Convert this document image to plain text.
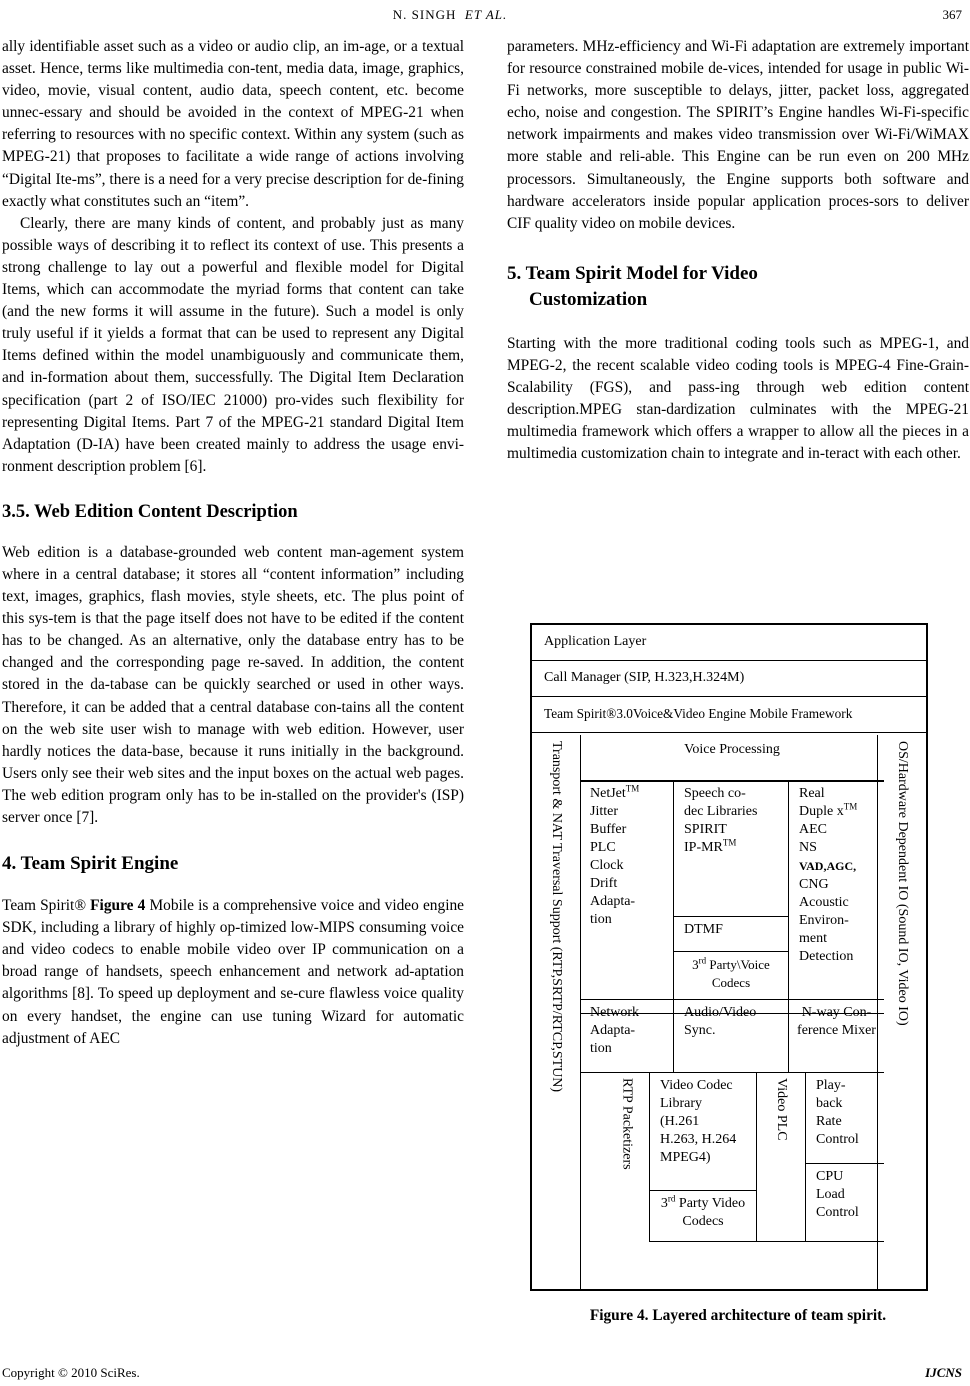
N. SINGH ET AL.	367

ally identifiable asset such as a video or audio clip, an im-age, or a textual asset. Hence, terms like multimedia con-tent, media data, image, graphics, video, movie, visual content, audio data, speech content, etc. become unnec-essary and should be avoided in the context of MPEG-21 when referring to resources with no specific context. Within any system (such as MPEG-21) that proposes to facilitate a wide range of actions involving “Digital Ite-ms”, there is a need for a very precise description for de-fining exactly what constitutes such an “item”.

Clearly, there are many kinds of content, and probably just as many possible ways of describing it to reflect its context of use. This presents a strong challenge to lay out a powerful and flexible model for Digital Items, which can accommodate the myriad forms that content can take (and the new forms it will assume in the future). Such a model is only truly useful if it yields a format that can be used to represent any Digital Items defined within the model unambiguously and communicate them, and in-formation about them, successfully. The Digital Item Declaration specification (part 2 of ISO/IEC 21000) pro-vides such flexibility for representing Digital Items. Part 7 of the MPEG-21 standard Digital Item Adaptation (D-IA) have been created mainly to address the usage envi-ronment description problem [6].

3.5. Web Edition Content Description

Web edition is a database-grounded web content man-agement system where in a central database; it stores all “content information” including text, images, graphics, flash movies, style sheets, etc. The plus point of this sys-tem is that the page itself does not have to be edited if the content has to be changed. As an alternative, only the database entry has to be changed and the corresponding page re-saved. In addition, the content stored in the da-tabase can be quickly searched or used in other ways. Therefore, it can be added that a central database con-tains all the content on the web site user wish to manage with web edition. However, user hardly notices the data-base, because it runs initially in the background. Users only see their web sites and the input boxes on the actual web pages. The web edition program only has to be in-stalled on the provider's (ISP) server once [7].

4. Team Spirit Engine

Team Spirit® Figure 4 Mobile is a comprehensive voice and video engine SDK, including a library of highly op-timized low-MIPS consuming voice and video codecs to enable mobile video over IP communication on a broad range of handsets, speech enhancement and network ad-aptation algorithms [8]. To speed up deployment and se-cure flawless voice quality on every handset, the engine can use tuning Wizard for automatic adjustment of AEC

parameters. MHz-efficiency and Wi-Fi adaptation are extremely important for resource constrained mobile de-vices, intended for usage in public Wi-Fi networks, more susceptible to delays, jitter, packet loss, aggregated echo, noise and congestion. The SPIRIT’s Engine handles Wi-Fi-specific network impairments and makes video transmission over Wi-Fi/WiMAX more stable and reli-able. This Engine can be run even on 200 MHz processors. Simultaneously, the Engine supports both software and hardware accelerators inside popular application proces-sors to deliver CIF quality video on mobile devices.

5. Team Spirit Model for Video
Customization

Starting with the more traditional coding tools such as MPEG-1, and MPEG-2, the recent scalable video coding tools is MPEG-4 Fine-Grain-Scalability (FGS), and pass-ing through web edition content description.MPEG stan-dardization culminates with the MPEG-21 multimedia framework which offers a wrapper to allow all the pieces in a multimedia customization chain to integrate and in-teract with each other.

Application Layer
Call Manager (SIP, H.323,H.324M)
Team Spirit®3.0Voice&Video Engine Mobile Framework
Transport & NAT Traversal Support (RTP,SRTP/RTCP,STUN)	OS/Hardware Dependent IO (Sound IO, Video IO)
Voice Processing
NetJet™
Jitter
Buffer
PLC
Clock
Drift
Adapta-
tion
Speech co-
dec Libraries
SPIRIT
IP-MR™
DTMF
3rd Party\Voice
Codecs
Real
Duple x™
AEC
NS
VAD,AGC,
CNG
Acoustic
Environ-
ment
Detection
Network
Adapta-
tion
Audio/Video
Sync.
N-way Con-
ference Mixer
RTP Packetizers	Video Codec
Library
(H.261
H.263, H.264
MPEG4)
3rd Party Video
Codecs
Video PLC	Play-
back
Rate
Control
CPU
Load
Control
Figure 4. Layered architecture of team spirit.
Copyright © 2010 SciRes.	IJCNS
